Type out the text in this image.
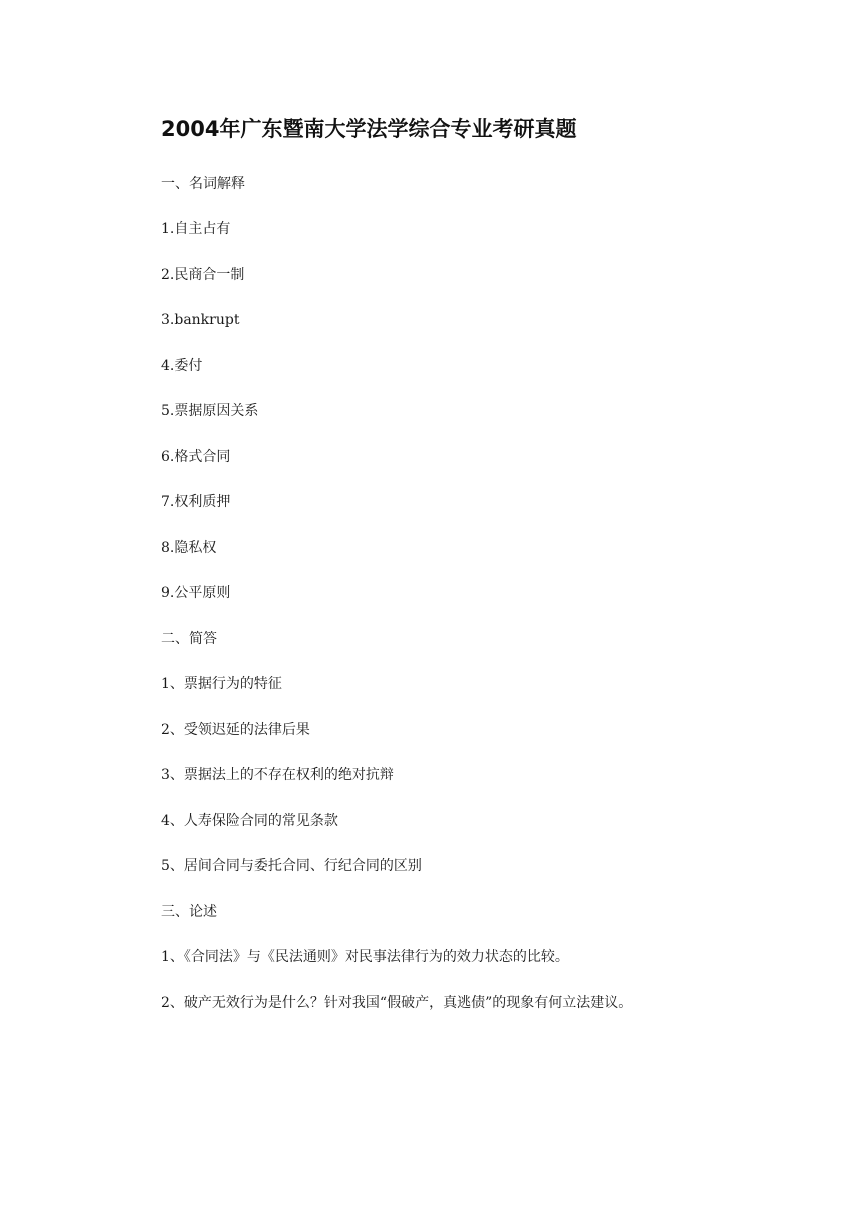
2004年广东暨南大学法学综合专业考研真题

一、名词解释

1.自主占有

2.民商合一制

3.bankrupt

4.委付

5.票据原因关系

6.格式合同

7.权利质押

8.隐私权

9.公平原则

二、简答

1、票据行为的特征

2、受领迟延的法律后果

3、票据法上的不存在权利的绝对抗辩

4、人寿保险合同的常见条款

5、居间合同与委托合同、行纪合同的区别

三、论述

1、《合同法》与《民法通则》对民事法律行为的效力状态的比较。

2、破产无效行为是什么？针对我国“假破产，真逃债”的现象有何立法建议。
